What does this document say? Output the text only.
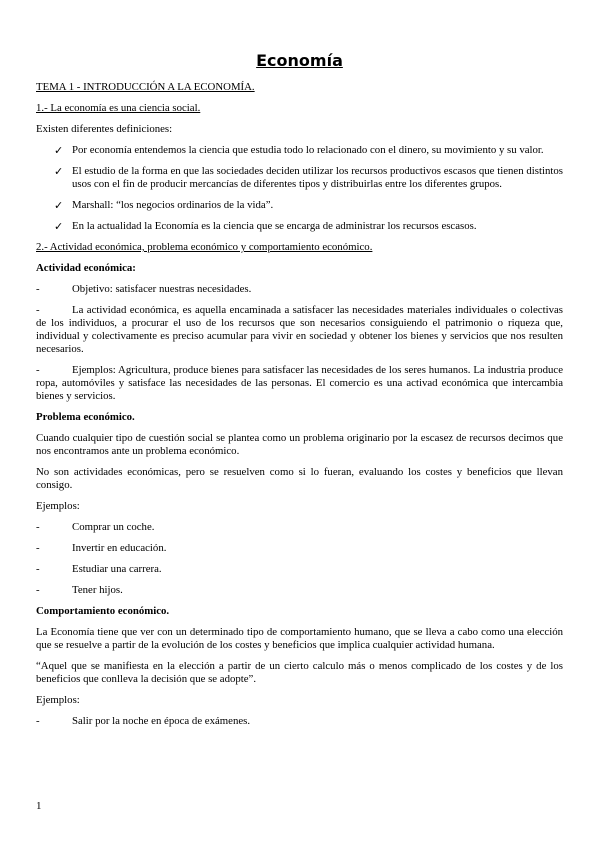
Economía

TEMA 1 - INTRODUCCIÓN A LA ECONOMÍA.

1.- La economía es una ciencia social.

Existen diferentes definiciones:

✓ Por economía entendemos la ciencia que estudia todo lo relacionado con el dinero, su movimiento y su valor.
✓ El estudio de la forma en que las sociedades deciden utilizar los recursos productivos escasos que tienen distintos usos con el fin de producir mercancías de diferentes tipos y distribuirlas entre los diferentes grupos.
✓ Marshall: “los negocios ordinarios de la vida”.
✓ En la actualidad la Economía es la ciencia que se encarga de administrar los recursos escasos.

2.- Actividad económica, problema económico y comportamiento económico.

Actividad económica:

-	Objetivo: satisfacer nuestras necesidades.

-	La actividad económica, es aquella encaminada a satisfacer las necesidades materiales individuales o colectivas de los individuos, a procurar el uso de los recursos que son necesarios consiguiendo el patrimonio o riqueza que, individual y colectivamente es preciso acumular para vivir en sociedad y obtener los bienes y servicios que nos resulten necesarios.

-	Ejemplos: Agricultura, produce bienes para satisfacer las necesidades de los seres humanos. La industria produce ropa, automóviles y satisface las necesidades de las personas. El comercio es una activad económica que intercambia bienes y servicios.

Problema económico.

Cuando cualquier tipo de cuestión social se plantea como un problema originario por la escasez de recursos decimos que nos encontramos ante un problema económico.

No son actividades económicas, pero se resuelven como si lo fueran, evaluando los costes y beneficios que llevan consigo.

Ejemplos:

-	Comprar un coche.
-	Invertir en educación.
-	Estudiar una carrera.
-	Tener hijos.

Comportamiento económico.

La Economía tiene que ver con un determinado tipo de comportamiento humano, que se lleva a cabo como una elección que se resuelve a partir de la evolución de los costes y beneficios que implica cualquier actividad humana.

“Aquel que se manifiesta en la elección a partir de un cierto calculo más o menos complicado de los costes y de los beneficios que conlleva la decisión que se adopte”.

Ejemplos:

-	Salir por la noche en época de exámenes.
1
